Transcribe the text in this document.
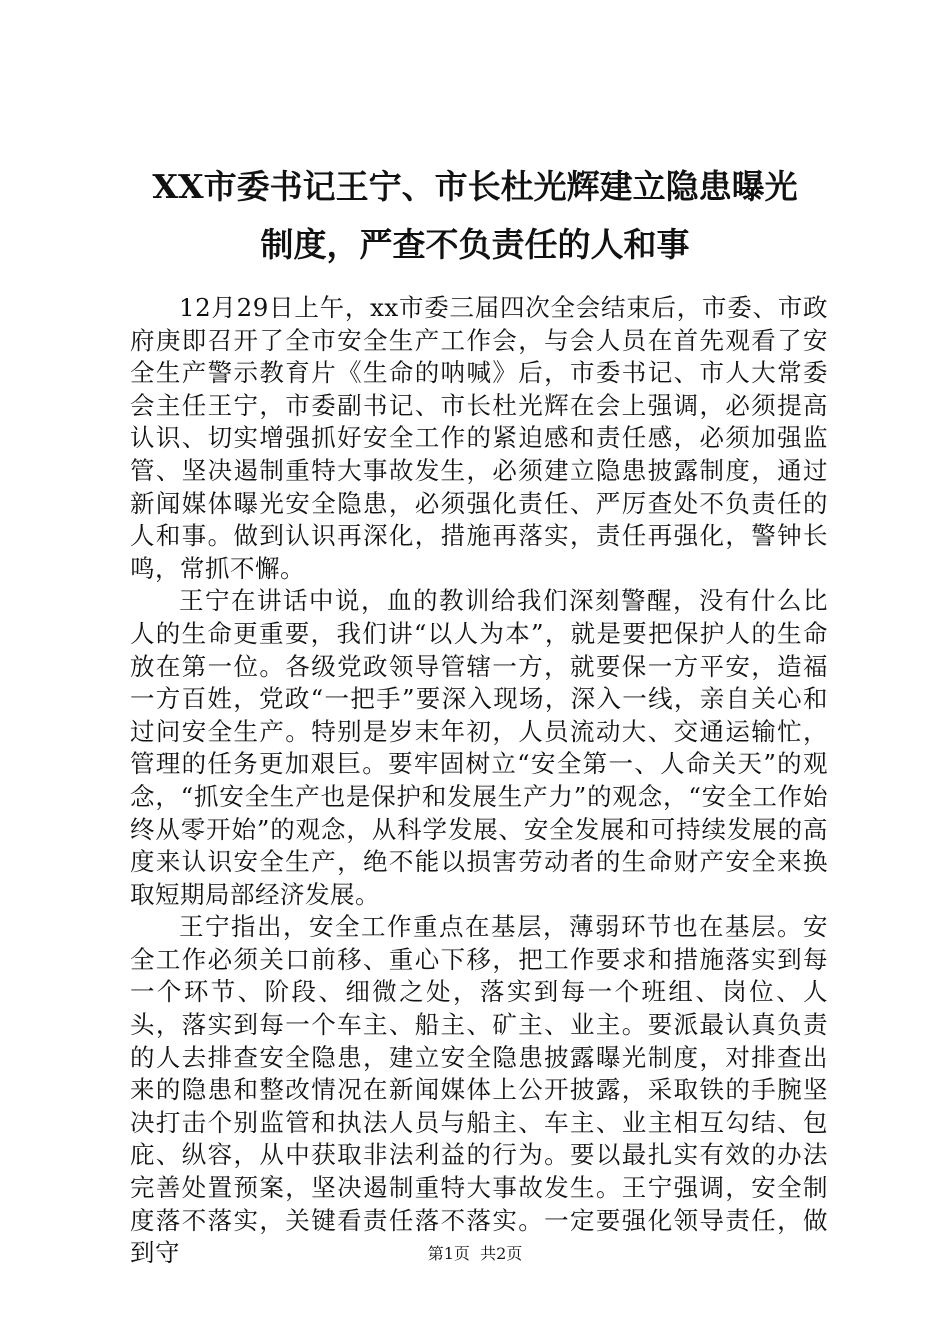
XX市委书记王宁、市长杜光辉建立隐患曝光
制度，严查不负责任的人和事

12月29日上午，xx市委三届四次全会结束后，市委、市政府庚即召开了全市安全生产工作会，与会人员在首先观看了安全生产警示教育片《生命的呐喊》后，市委书记、市人大常委会主任王宁，市委副书记、市长杜光辉在会上强调，必须提高认识、切实增强抓好安全工作的紧迫感和责任感，必须加强监管、坚决遏制重特大事故发生，必须建立隐患披露制度，通过新闻媒体曝光安全隐患，必须强化责任、严厉查处不负责任的人和事。做到认识再深化，措施再落实，责任再强化，警钟长鸣，常抓不懈。

王宁在讲话中说，血的教训给我们深刻警醒，没有什么比人的生命更重要，我们讲“以人为本”，就是要把保护人的生命放在第一位。各级党政领导管辖一方，就要保一方平安，造福一方百姓，党政“一把手”要深入现场，深入一线，亲自关心和过问安全生产。特别是岁末年初，人员流动大、交通运输忙，管理的任务更加艰巨。要牢固树立“安全第一、人命关天”的观念，“抓安全生产也是保护和发展生产力”的观念，“安全工作始终从零开始”的观念，从科学发展、安全发展和可持续发展的高度来认识安全生产，绝不能以损害劳动者的生命财产安全来换取短期局部经济发展。

王宁指出，安全工作重点在基层，薄弱环节也在基层。安全工作必须关口前移、重心下移，把工作要求和措施落实到每一个环节、阶段、细微之处，落实到每一个班组、岗位、人头，落实到每一个车主、船主、矿主、业主。要派最认真负责的人去排查安全隐患，建立安全隐患披露曝光制度，对排查出来的隐患和整改情况在新闻媒体上公开披露，采取铁的手腕坚决打击个别监管和执法人员与船主、车主、业主相互勾结、包庇、纵容，从中获取非法利益的行为。要以最扎实有效的办法完善处置预案，坚决遏制重特大事故发生。王宁强调，安全制度落不落实，关键看责任落不落实。一定要强化领导责任，做到守	第1页 共2页
